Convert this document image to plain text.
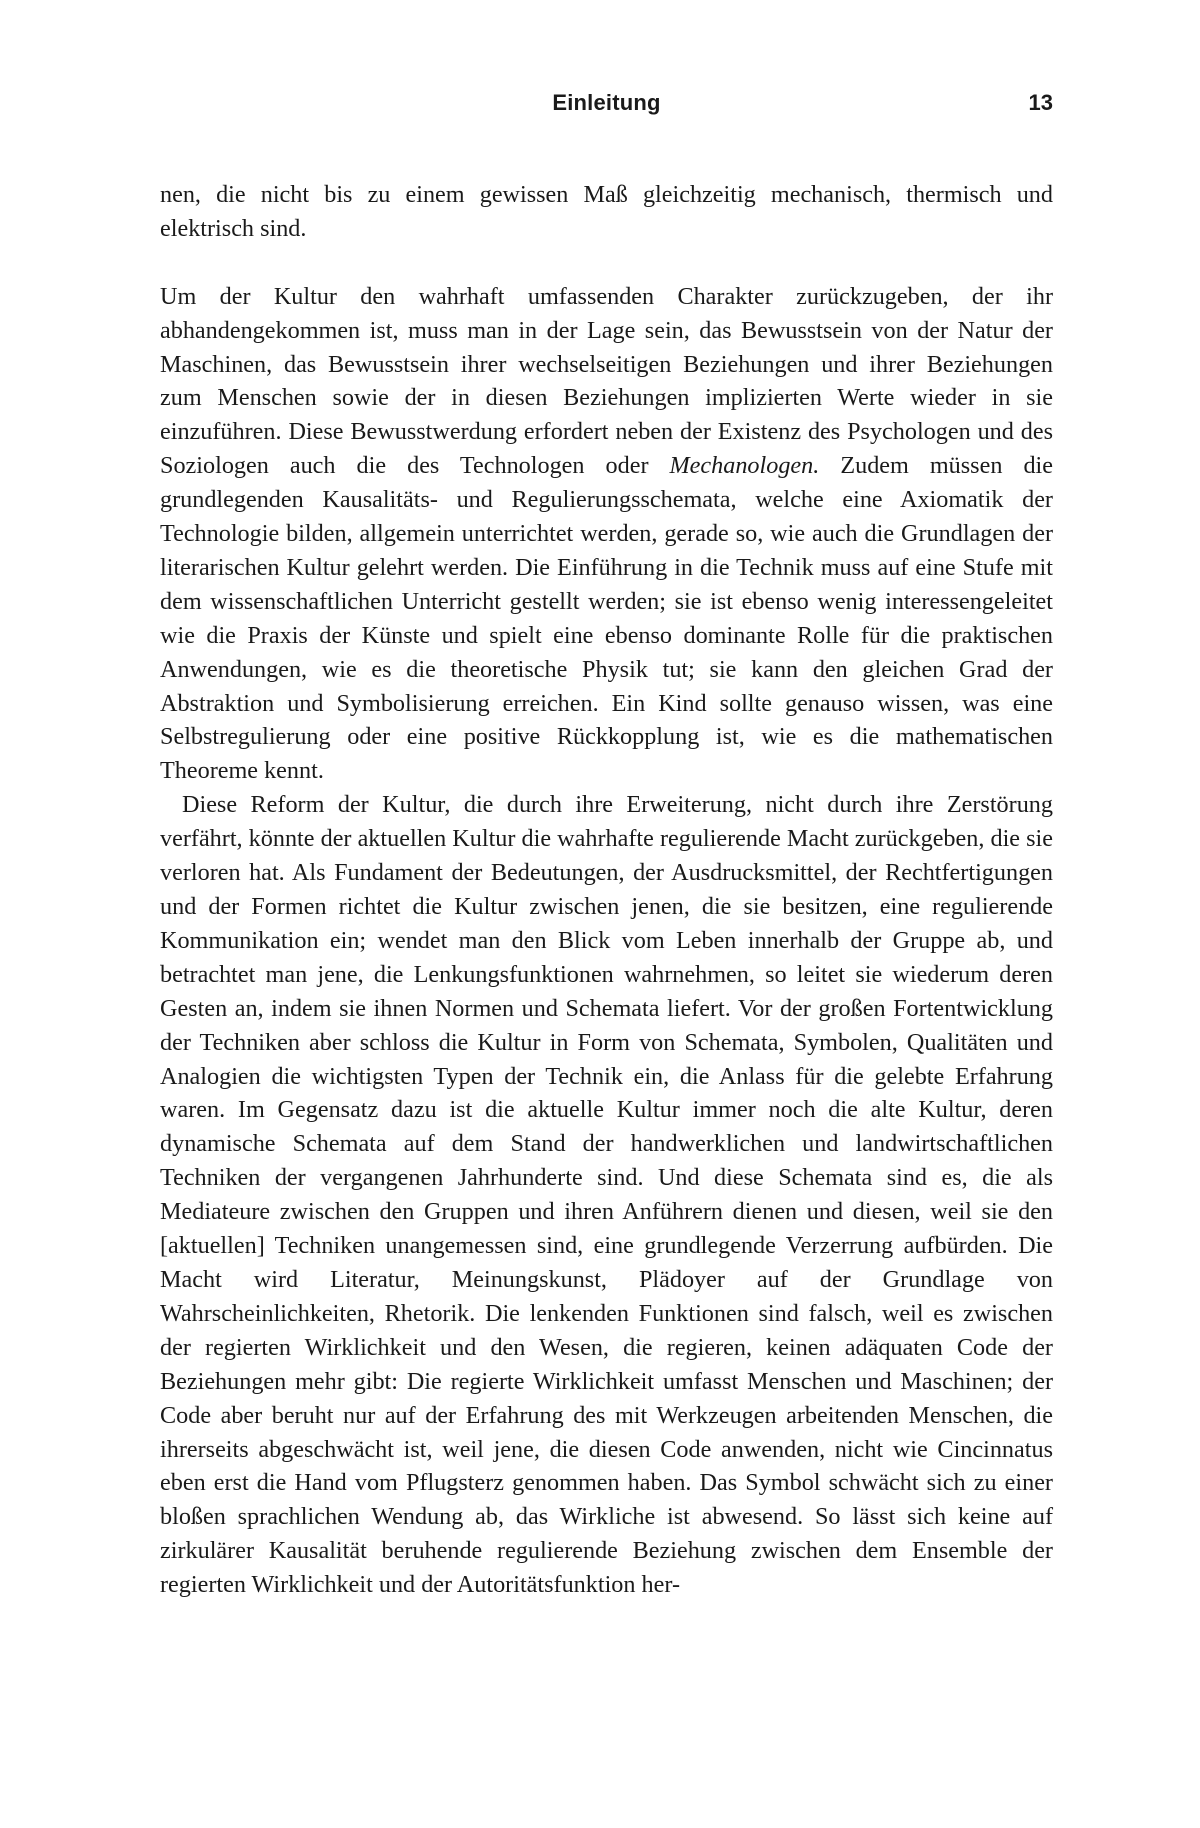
Einleitung	13

nen, die nicht bis zu einem gewissen Maß gleichzeitig mechanisch, thermisch und elektrisch sind.

Um der Kultur den wahrhaft umfassenden Charakter zurückzugeben, der ihr abhandengekommen ist, muss man in der Lage sein, das Bewusstsein von der Natur der Maschinen, das Bewusstsein ihrer wechselseitigen Beziehungen und ihrer Beziehungen zum Menschen sowie der in diesen Beziehungen implizierten Werte wieder in sie einzuführen. Diese Bewusstwerdung erfordert neben der Existenz des Psychologen und des Soziologen auch die des Technologen oder Mechanologen. Zudem müssen die grundlegenden Kausalitäts- und Regulierungsschemata, welche eine Axiomatik der Technologie bilden, allgemein unterrichtet werden, gerade so, wie auch die Grundlagen der literarischen Kultur gelehrt werden. Die Einführung in die Technik muss auf eine Stufe mit dem wissenschaftlichen Unterricht gestellt werden; sie ist ebenso wenig interessengeleitet wie die Praxis der Künste und spielt eine ebenso dominante Rolle für die praktischen Anwendungen, wie es die theoretische Physik tut; sie kann den gleichen Grad der Abstraktion und Symbolisierung erreichen. Ein Kind sollte genauso wissen, was eine Selbstregulierung oder eine positive Rückkopplung ist, wie es die mathematischen Theoreme kennt.

Diese Reform der Kultur, die durch ihre Erweiterung, nicht durch ihre Zerstörung verfährt, könnte der aktuellen Kultur die wahrhafte regulierende Macht zurückgeben, die sie verloren hat. Als Fundament der Bedeutungen, der Ausdrucksmittel, der Rechtfertigungen und der Formen richtet die Kultur zwischen jenen, die sie besitzen, eine regulierende Kommunikation ein; wendet man den Blick vom Leben innerhalb der Gruppe ab, und betrachtet man jene, die Lenkungsfunktionen wahrnehmen, so leitet sie wiederum deren Gesten an, indem sie ihnen Normen und Schemata liefert. Vor der großen Fortentwicklung der Techniken aber schloss die Kultur in Form von Schemata, Symbolen, Qualitäten und Analogien die wichtigsten Typen der Technik ein, die Anlass für die gelebte Erfahrung waren. Im Gegensatz dazu ist die aktuelle Kultur immer noch die alte Kultur, deren dynamische Schemata auf dem Stand der handwerklichen und landwirtschaftlichen Techniken der vergangenen Jahrhunderte sind. Und diese Schemata sind es, die als Mediateure zwischen den Gruppen und ihren Anführern dienen und diesen, weil sie den [aktuellen] Techniken unangemessen sind, eine grundlegende Verzerrung aufbürden. Die Macht wird Literatur, Meinungskunst, Plädoyer auf der Grundlage von Wahrscheinlichkeiten, Rhetorik. Die lenkenden Funktionen sind falsch, weil es zwischen der regierten Wirklichkeit und den Wesen, die regieren, keinen adäquaten Code der Beziehungen mehr gibt: Die regierte Wirklichkeit umfasst Menschen und Maschinen; der Code aber beruht nur auf der Erfahrung des mit Werkzeugen arbeitenden Menschen, die ihrerseits abgeschwächt ist, weil jene, die diesen Code anwenden, nicht wie Cincinnatus eben erst die Hand vom Pflugsterz genommen haben. Das Symbol schwächt sich zu einer bloßen sprachlichen Wendung ab, das Wirkliche ist abwesend. So lässt sich keine auf zirkulärer Kausalität beruhende regulierende Beziehung zwischen dem Ensemble der regierten Wirklichkeit und der Autoritätsfunktion her-
